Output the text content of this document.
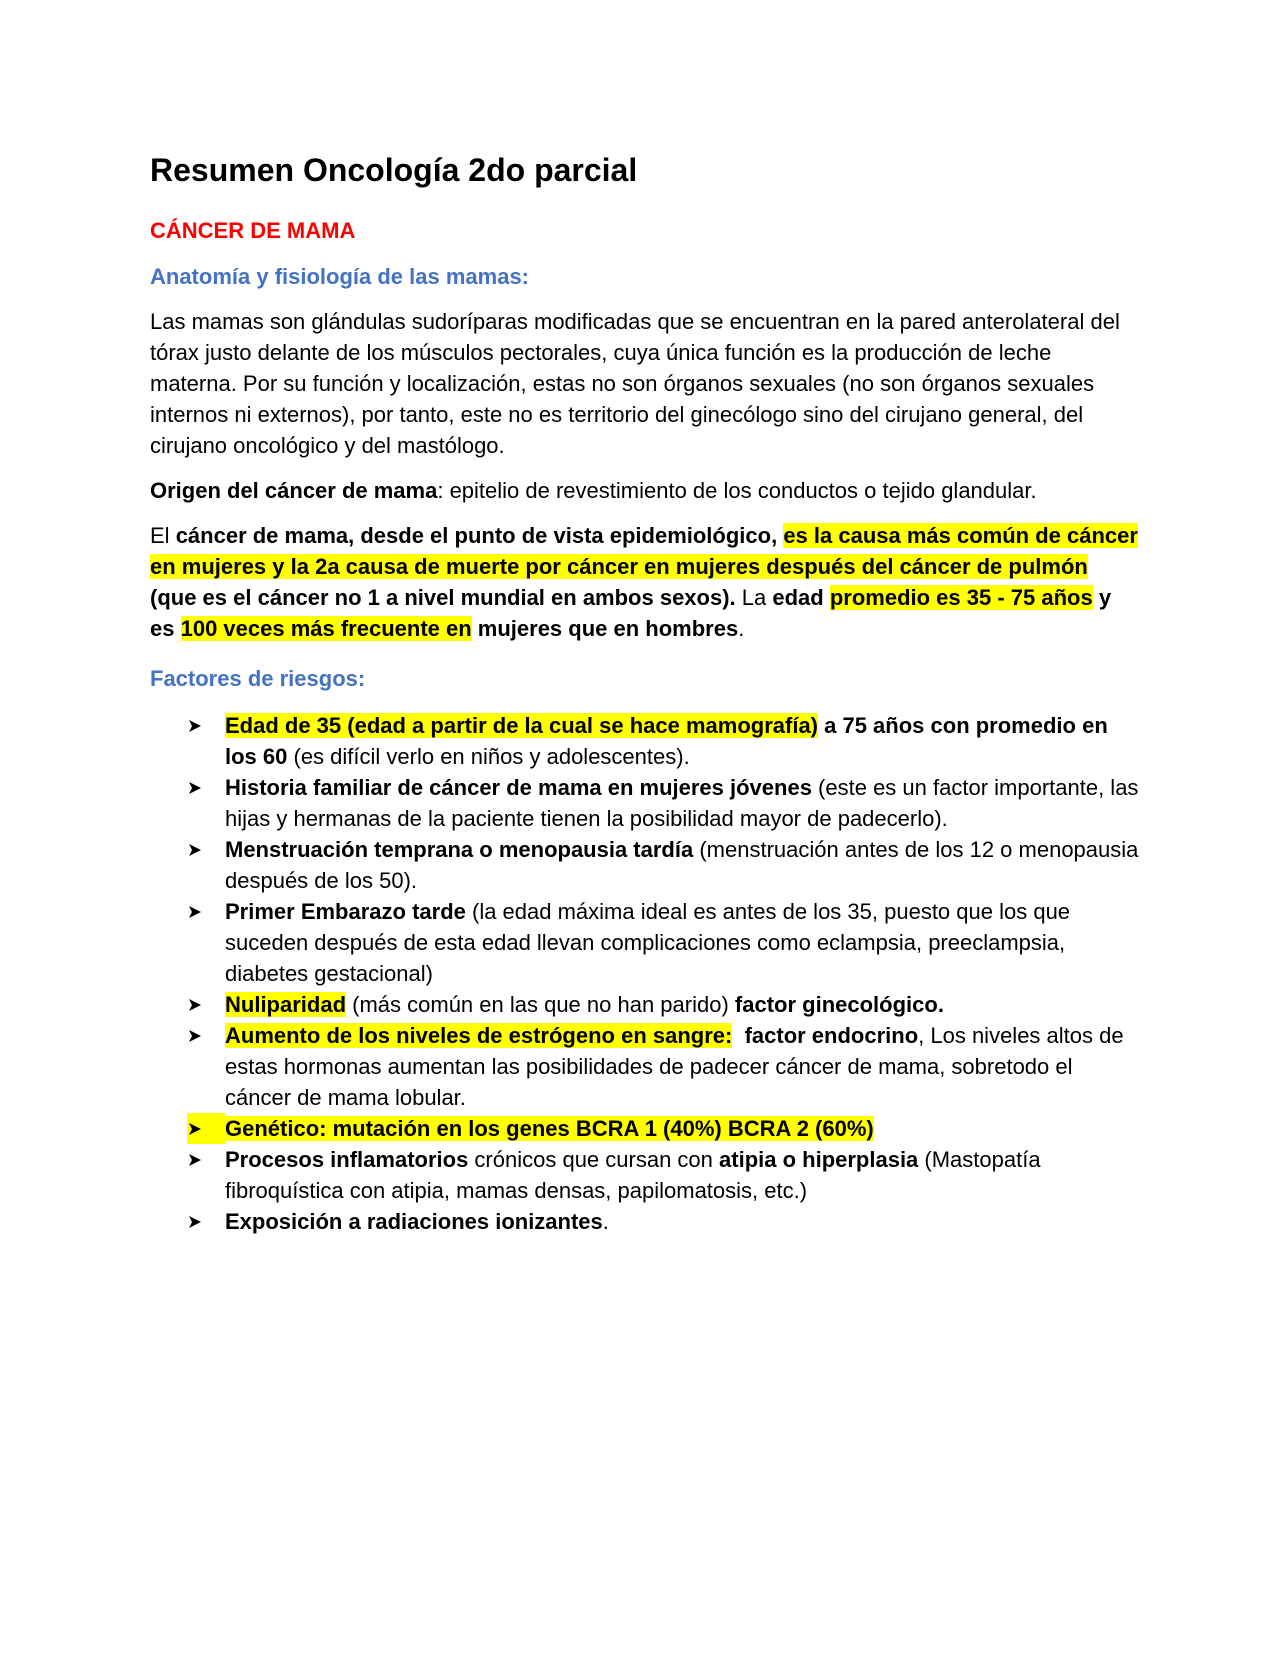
Resumen Oncología 2do parcial
CÁNCER DE MAMA
Anatomía y fisiología de las mamas:

Las mamas son glándulas sudoríparas modificadas que se encuentran en la pared anterolateral del tórax justo delante de los músculos pectorales, cuya única función es la producción de leche materna. Por su función y localización, estas no son órganos sexuales (no son órganos sexuales internos ni externos), por tanto, este no es territorio del ginecólogo sino del cirujano general, del cirujano oncológico y del mastólogo.

Origen del cáncer de mama: epitelio de revestimiento de los conductos o tejido glandular.

El cáncer de mama, desde el punto de vista epidemiológico, es la causa más común de cáncer en mujeres y la 2a causa de muerte por cáncer en mujeres después del cáncer de pulmón (que es el cáncer no 1 a nivel mundial en ambos sexos). La edad promedio es 35 - 75 años y es 100 veces más frecuente en mujeres que en hombres.

Factores de riesgos:
Edad de 35 (edad a partir de la cual se hace mamografía) a 75 años con promedio en los 60 (es difícil verlo en niños y adolescentes).
Historia familiar de cáncer de mama en mujeres jóvenes (este es un factor importante, las hijas y hermanas de la paciente tienen la posibilidad mayor de padecerlo).
Menstruación temprana o menopausia tardía (menstruación antes de los 12 o menopausia después de los 50).
Primer Embarazo tarde (la edad máxima ideal es antes de los 35, puesto que los que suceden después de esta edad llevan complicaciones como eclampsia, preeclampsia, diabetes gestacional)
Nuliparidad (más común en las que no han parido) factor ginecológico.
Aumento de los niveles de estrógeno en sangre:  factor endocrino, Los niveles altos de estas hormonas aumentan las posibilidades de padecer cáncer de mama, sobretodo el cáncer de mama lobular.
Genético: mutación en los genes BCRA 1 (40%) BCRA 2 (60%)
Procesos inflamatorios crónicos que cursan con atipia o hiperplasia (Mastopatía fibroquística con atipia, mamas densas, papilomatosis, etc.)
Exposición a radiaciones ionizantes.
